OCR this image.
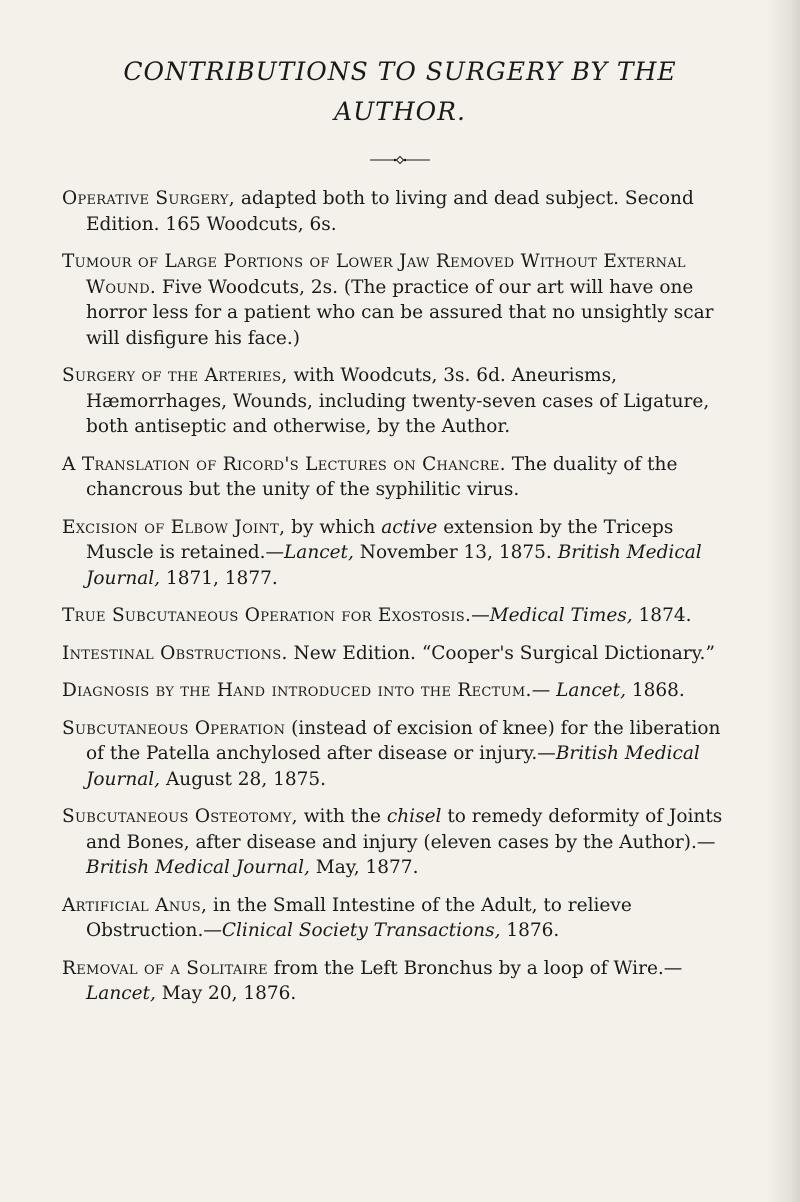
CONTRIBUTIONS TO SURGERY BY THE
AUTHOR.

Operative Surgery, adapted both to living and dead subject. Second Edition. 165 Woodcuts, 6s.

Tumour of Large Portions of Lower Jaw Removed Without External Wound. Five Woodcuts, 2s. (The practice of our art will have one horror less for a patient who can be assured that no unsightly scar will disfigure his face.)

Surgery of the Arteries, with Woodcuts, 3s. 6d. Aneurisms, Hæmorrhages, Wounds, including twenty-seven cases of Ligature, both antiseptic and otherwise, by the Author.

A Translation of Ricord's Lectures on Chancre. The duality of the chancrous but the unity of the syphilitic virus.

Excision of Elbow Joint, by which active extension by the Triceps Muscle is retained.—Lancet, November 13, 1875. British Medical Journal, 1871, 1877.

True Subcutaneous Operation for Exostosis.—Medical Times, 1874.

Intestinal Obstructions. New Edition. “Cooper's Surgical Dictionary.”

Diagnosis by the Hand introduced into the Rectum.— Lancet, 1868.

Subcutaneous Operation (instead of excision of knee) for the liberation of the Patella anchylosed after disease or injury.—British Medical Journal, August 28, 1875.

Subcutaneous Osteotomy, with the chisel to remedy deformity of Joints and Bones, after disease and injury (eleven cases by the Author).—British Medical Journal, May, 1877.

Artificial Anus, in the Small Intestine of the Adult, to relieve Obstruction.—Clinical Society Transactions, 1876.

Removal of a Solitaire from the Left Bronchus by a loop of Wire.—Lancet, May 20, 1876.
